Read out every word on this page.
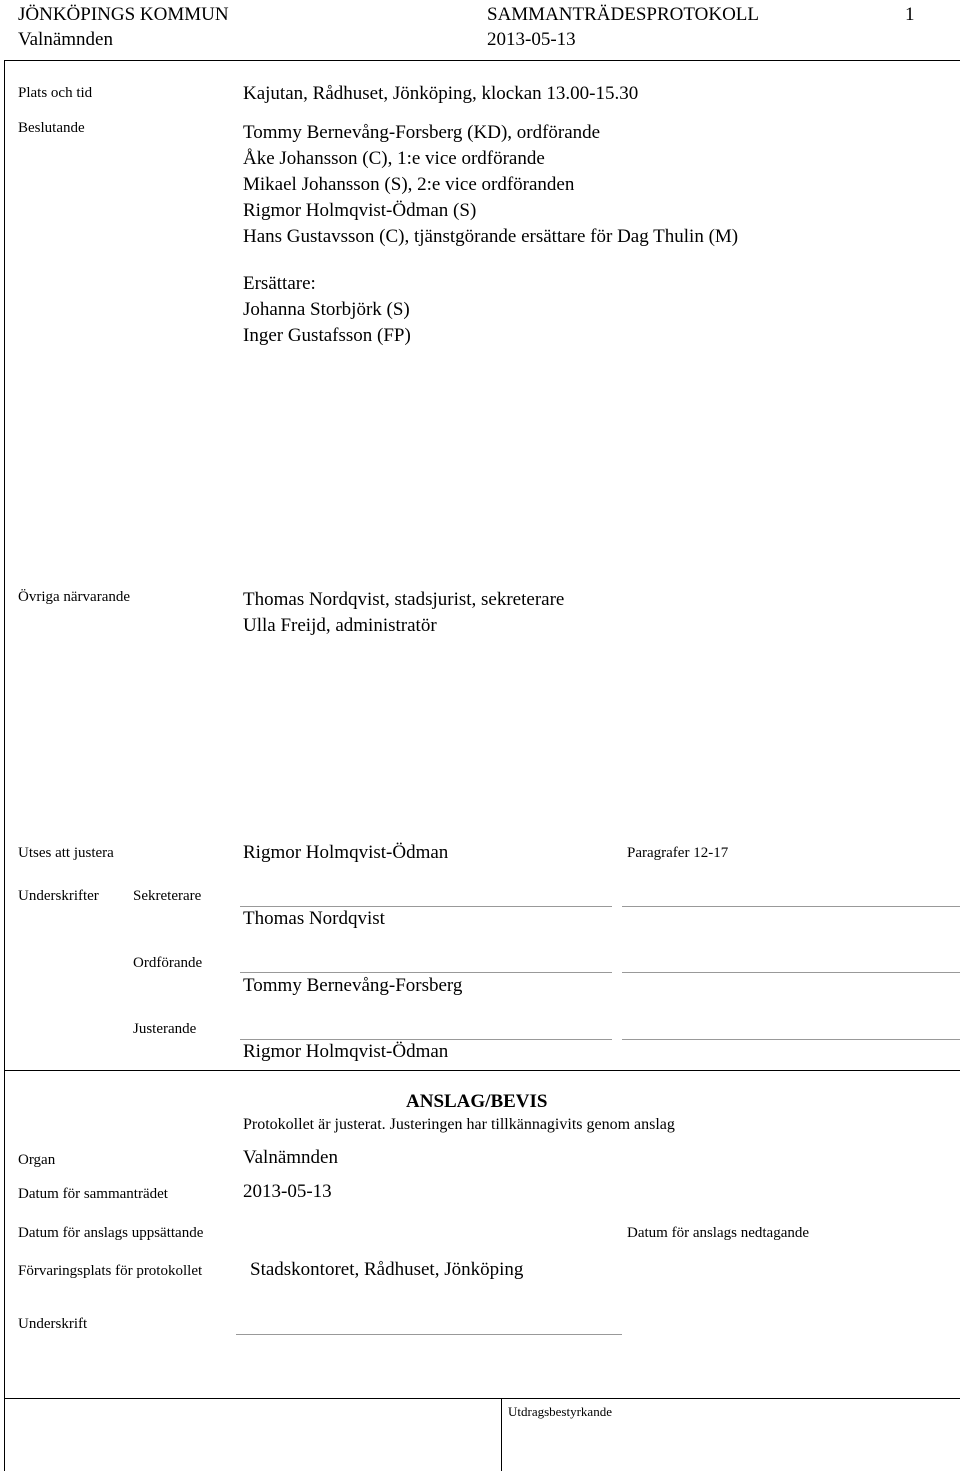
JÖNKÖPINGS KOMMUN
Valnämnden
SAMMANTRÄDESPROTOKOLL
2013-05-13
1
Plats och tid	Kajutan, Rådhuset, Jönköping, klockan 13.00-15.30
Beslutande	Tommy Bernevång-Forsberg (KD), ordförande
Åke Johansson (C), 1:e vice ordförande
Mikael Johansson (S), 2:e vice ordföranden
Rigmor Holmqvist-Ödman (S)
Hans Gustavsson (C), tjänstgörande ersättare för Dag Thulin (M)
Ersättare:
Johanna Storbjörk (S)
Inger Gustafsson (FP)
Övriga närvarande	Thomas Nordqvist, stadsjurist, sekreterare
Ulla Freijd, administratör
Utses att justera	Rigmor Holmqvist-Ödman	Paragrafer 12-17
Underskrifter Sekreterare
Thomas Nordqvist
Ordförande
Tommy Bernevång-Forsberg
Justerande
Rigmor Holmqvist-Ödman
ANSLAG/BEVIS
Protokollet är justerat. Justeringen har tillkännagivits genom anslag
Organ	Valnämnden
Datum för sammanträdet	2013-05-13
Datum för anslags uppsättande	Datum för anslags nedtagande
Förvaringsplats för protokollet	Stadskontoret, Rådhuset, Jönköping
Underskrift
Utdragsbestyrkande
